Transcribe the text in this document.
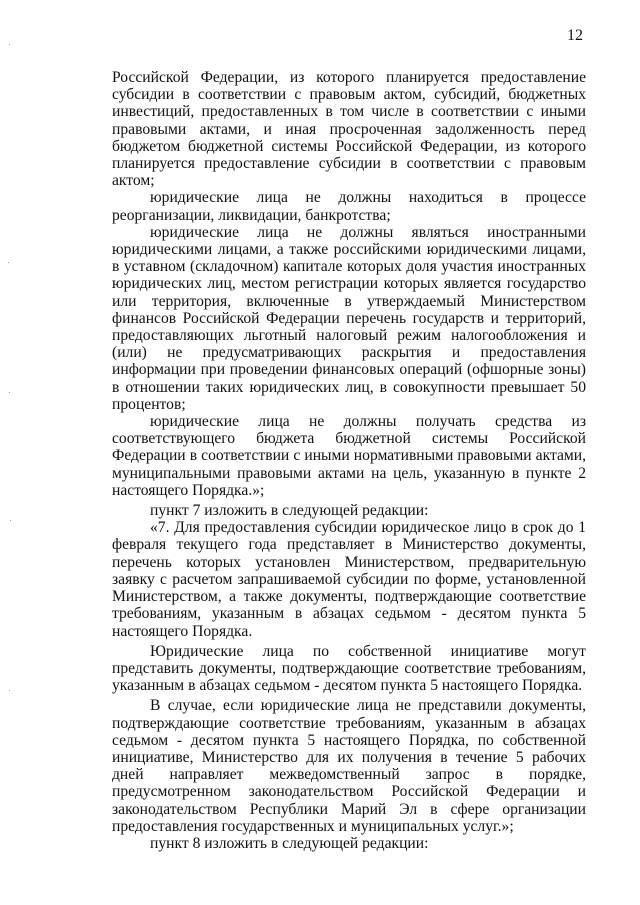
12

Российской Федерации, из которого планируется предоставление субсидии в соответствии с правовым актом, субсидий, бюджетных инвестиций, предоставленных в том числе в соответствии с иными правовыми актами, и иная просроченная задолженность перед бюджетом бюджетной системы Российской Федерации, из которого планируется предоставление субсидии в соответствии с правовым актом;

юридические лица не должны находиться в процессе реорганизации, ликвидации, банкротства;

юридические лица не должны являться иностранными юридическими лицами, а также российскими юридическими лицами, в уставном (складочном) капитале которых доля участия иностранных юридических лиц, местом регистрации которых является государство или территория, включенные в утверждаемый Министерством финансов Российской Федерации перечень государств и территорий, предоставляющих льготный налоговый режим налогообложения и (или) не предусматривающих раскрытия и предоставления информации при проведении финансовых операций (офшорные зоны) в отношении таких юридических лиц, в совокупности превышает 50 процентов;

юридические лица не должны получать средства из соответствующего бюджета бюджетной системы Российской Федерации в соответствии с иными нормативными правовыми актами, муниципальными правовыми актами на цель, указанную в пункте 2 настоящего Порядка.»;

пункт 7 изложить в следующей редакции:

«7. Для предоставления субсидии юридическое лицо в срок до 1 февраля текущего года представляет в Министерство документы, перечень которых установлен Министерством, предварительную заявку с расчетом запрашиваемой субсидии по форме, установленной Министерством, а также документы, подтверждающие соответствие требованиям, указанным в абзацах седьмом - десятом пункта 5 настоящего Порядка.

Юридические лица по собственной инициативе могут представить документы, подтверждающие соответствие требованиям, указанным в абзацах седьмом - десятом пункта 5 настоящего Порядка.

В случае, если юридические лица не представили документы, подтверждающие соответствие требованиям, указанным в абзацах седьмом - десятом пункта 5 настоящего Порядка, по собственной инициативе, Министерство для их получения в течение 5 рабочих дней направляет межведомственный запрос в порядке, предусмотренном законодательством Российской Федерации и законодательством Республики Марий Эл в сфере организации предоставления государственных и муниципальных услуг.»;

пункт 8 изложить в следующей редакции:
